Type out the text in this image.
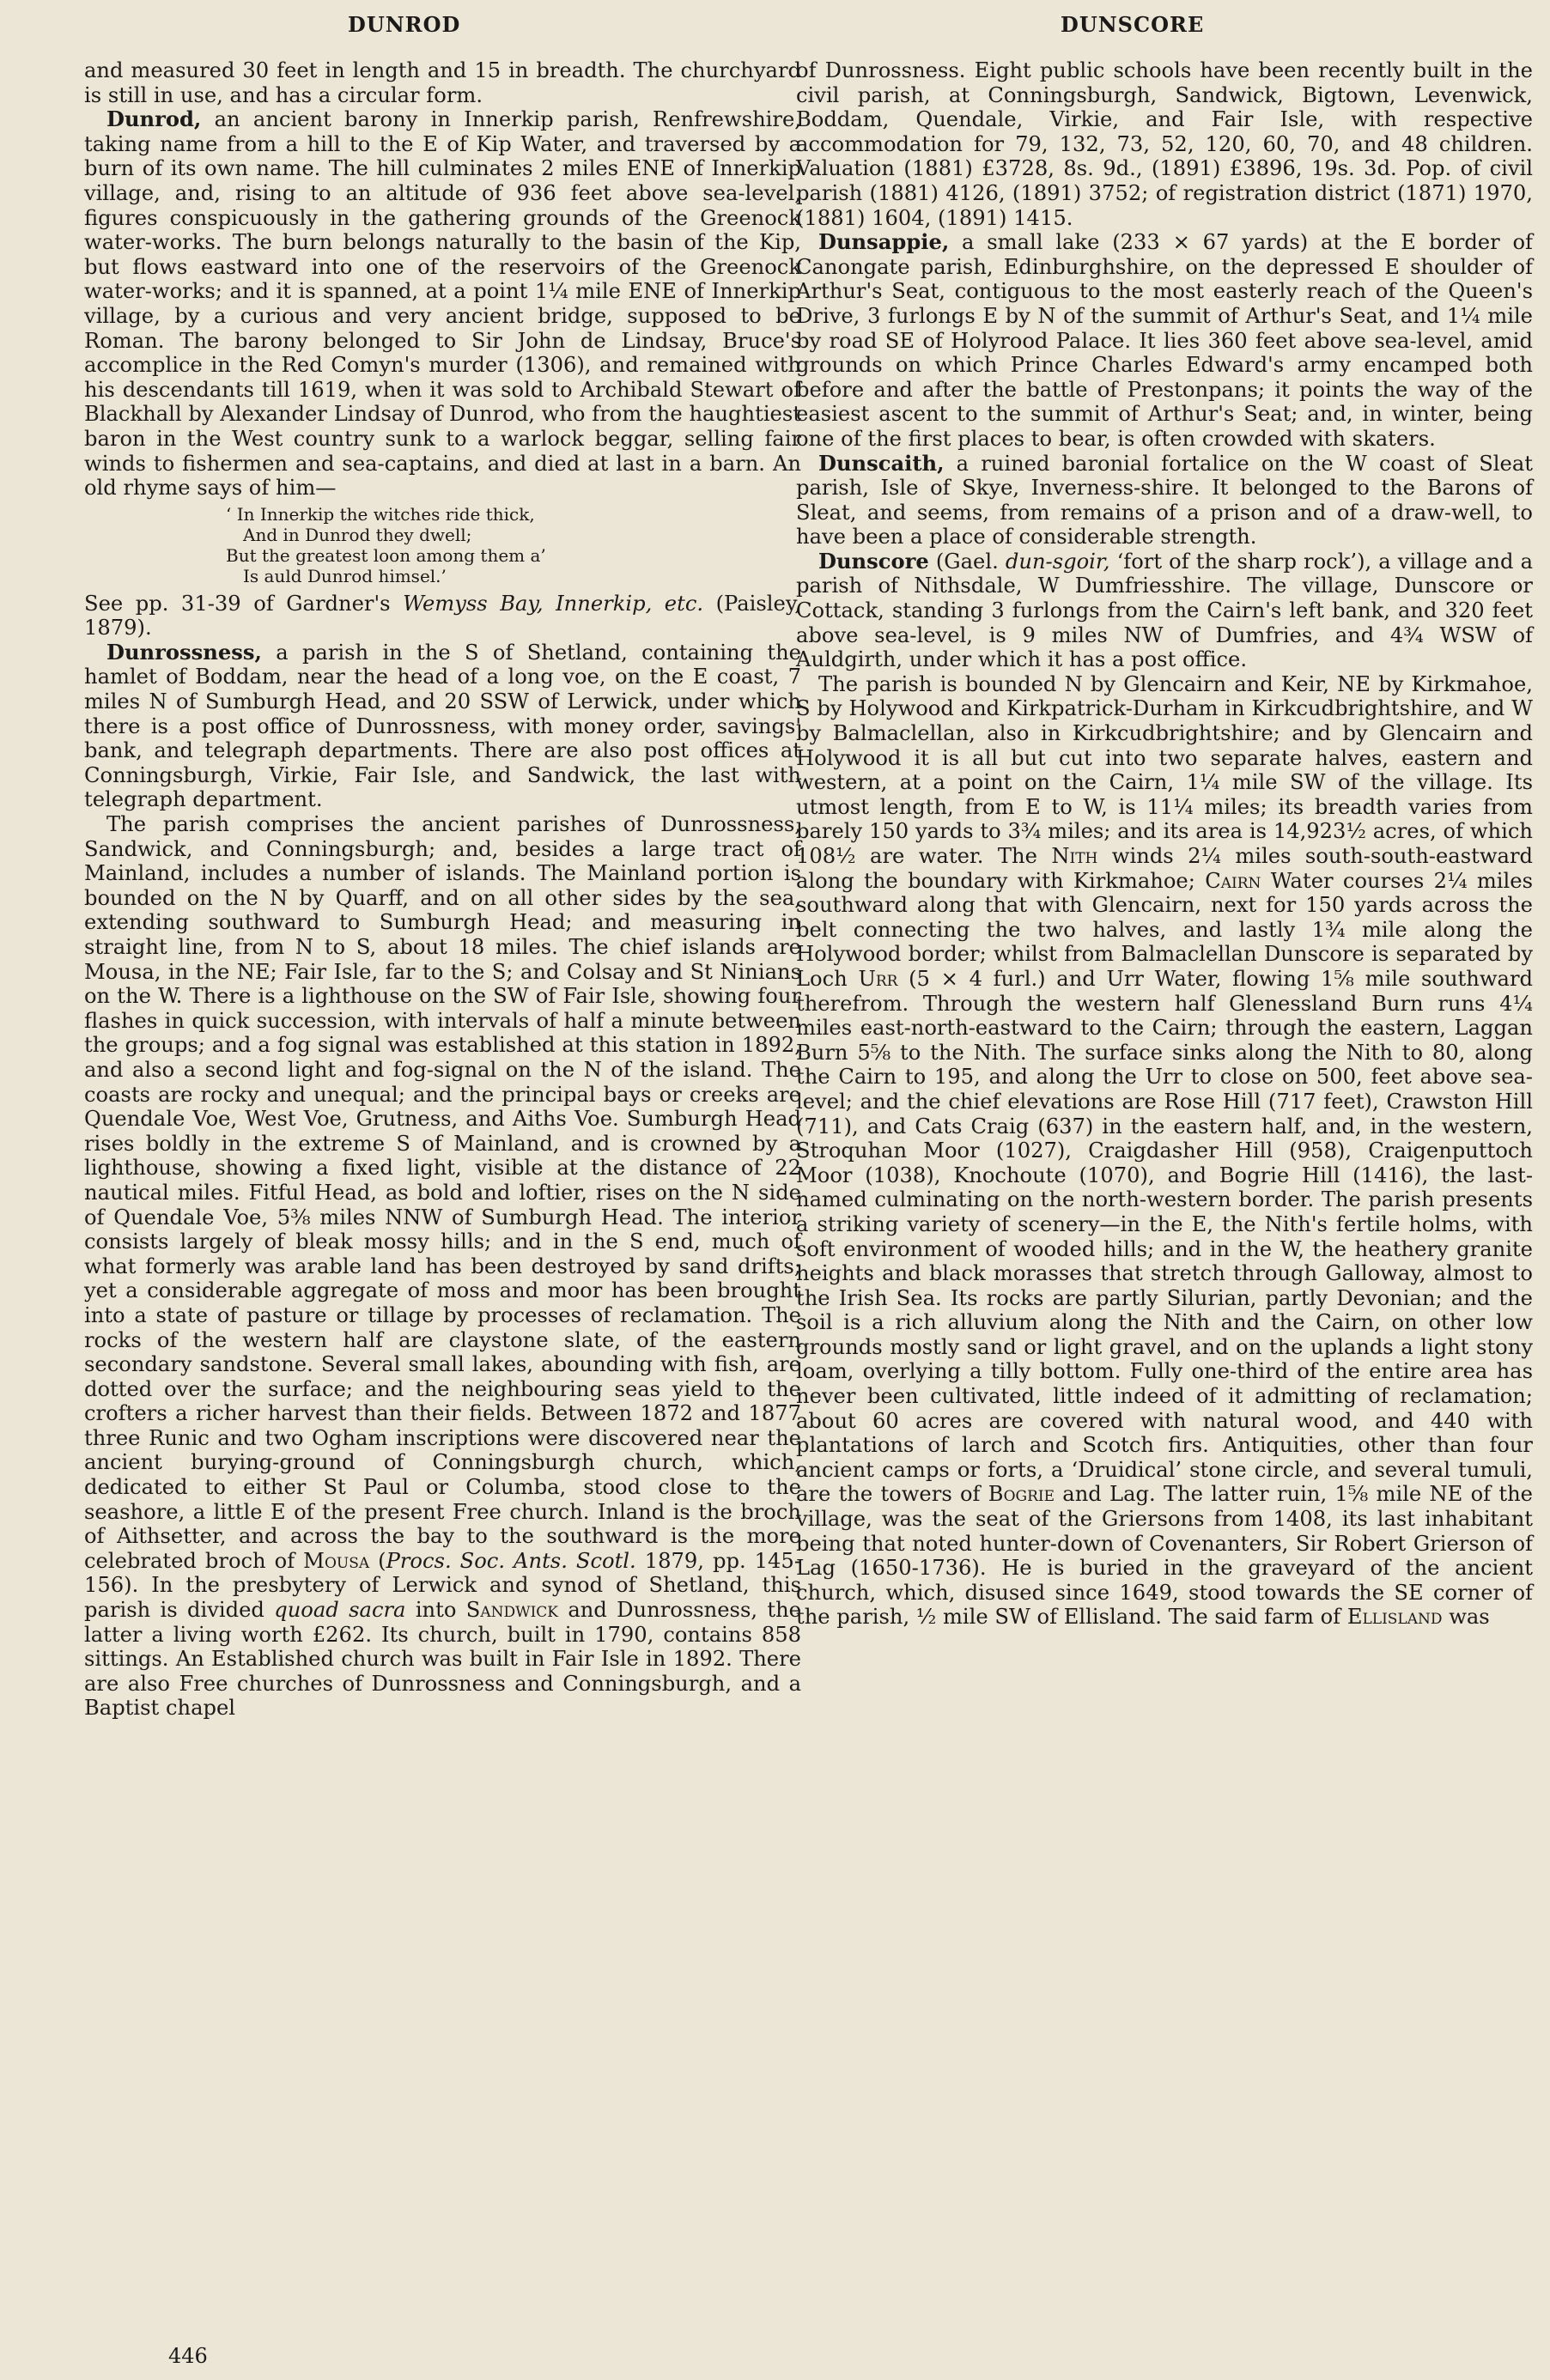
DUNROD	DUNSCORE

and measured 30 feet in length and 15 in breadth. The churchyard is still in use, and has a circular form.

Dunrod, an ancient barony in Innerkip parish, Renfrewshire, taking name from a hill to the E of Kip Water, and traversed by a burn of its own name. The hill culminates 2 miles ENE of Innerkip village, and, rising to an altitude of 936 feet above sea-level, figures conspicuously in the gathering grounds of the Greenock water-works. The burn belongs naturally to the basin of the Kip, but flows eastward into one of the reservoirs of the Greenock water-works; and it is spanned, at a point 1¼ mile ENE of Innerkip village, by a curious and very ancient bridge, supposed to be Roman. The barony belonged to Sir John de Lindsay, Bruce's accomplice in the Red Comyn's murder (1306), and remained with his descendants till 1619, when it was sold to Archibald Stewart of Blackhall by Alexander Lindsay of Dunrod, who from the haughtiest baron in the West country sunk to a warlock beggar, selling fair winds to fishermen and sea-captains, and died at last in a barn. An old rhyme says of him—

‘ In Innerkip the witches ride thick,
And in Dunrod they dwell;
But the greatest loon among them a’
Is auld Dunrod himsel.’

See pp. 31-39 of Gardner's Wemyss Bay, Innerkip, etc. (Paisley, 1879).

Dunrossness, a parish in the S of Shetland, containing the hamlet of Boddam, near the head of a long voe, on the E coast, 7 miles N of Sumburgh Head, and 20 SSW of Lerwick, under which there is a post office of Dunrossness, with money order, savings' bank, and telegraph departments. There are also post offices at Conningsburgh, Virkie, Fair Isle, and Sandwick, the last with telegraph department.

The parish comprises the ancient parishes of Dunrossness, Sandwick, and Conningsburgh; and, besides a large tract of Mainland, includes a number of islands. The Mainland portion is bounded on the N by Quarff, and on all other sides by the sea, extending southward to Sumburgh Head; and measuring in straight line, from N to S, about 18 miles. The chief islands are Mousa, in the NE; Fair Isle, far to the S; and Colsay and St Ninians on the W. There is a lighthouse on the SW of Fair Isle, showing four flashes in quick succession, with intervals of half a minute between the groups; and a fog signal was established at this station in 1892, and also a second light and fog-signal on the N of the island. The coasts are rocky and unequal; and the principal bays or creeks are Quendale Voe, West Voe, Grutness, and Aiths Voe. Sumburgh Head rises boldly in the extreme S of Mainland, and is crowned by a lighthouse, showing a fixed light, visible at the distance of 22 nautical miles. Fitful Head, as bold and loftier, rises on the N side of Quendale Voe, 5⅜ miles NNW of Sumburgh Head. The interior consists largely of bleak mossy hills; and in the S end, much of what formerly was arable land has been destroyed by sand drifts; yet a considerable aggregate of moss and moor has been brought into a state of pasture or tillage by processes of reclamation. The rocks of the western half are claystone slate, of the eastern secondary sandstone. Several small lakes, abounding with fish, are dotted over the surface; and the neighbouring seas yield to the crofters a richer harvest than their fields. Between 1872 and 1877 three Runic and two Ogham inscriptions were discovered near the ancient burying-ground of Conningsburgh church, which, dedicated to either St Paul or Columba, stood close to the seashore, a little E of the present Free church. Inland is the broch of Aithsetter, and across the bay to the southward is the more celebrated broch of Mousa (Procs. Soc. Ants. Scotl. 1879, pp. 145-156). In the presbytery of Lerwick and synod of Shetland, this parish is divided quoad sacra into Sandwick and Dunrossness, the latter a living worth £262. Its church, built in 1790, contains 858 sittings. An Established church was built in Fair Isle in 1892. There are also Free churches of Dunrossness and Conningsburgh, and a Baptist chapel

of Dunrossness. Eight public schools have been recently built in the civil parish, at Conningsburgh, Sandwick, Bigtown, Levenwick, Boddam, Quendale, Virkie, and Fair Isle, with respective accommodation for 79, 132, 73, 52, 120, 60, 70, and 48 children. Valuation (1881) £3728, 8s. 9d., (1891) £3896, 19s. 3d. Pop. of civil parish (1881) 4126, (1891) 3752; of registration district (1871) 1970, (1881) 1604, (1891) 1415.

Dunsappie, a small lake (233 × 67 yards) at the E border of Canongate parish, Edinburghshire, on the depressed E shoulder of Arthur's Seat, contiguous to the most easterly reach of the Queen's Drive, 3 furlongs E by N of the summit of Arthur's Seat, and 1¼ mile by road SE of Holyrood Palace. It lies 360 feet above sea-level, amid grounds on which Prince Charles Edward's army encamped both before and after the battle of Prestonpans; it points the way of the easiest ascent to the summit of Arthur's Seat; and, in winter, being one of the first places to bear, is often crowded with skaters.

Dunscaith, a ruined baronial fortalice on the W coast of Sleat parish, Isle of Skye, Inverness-shire. It belonged to the Barons of Sleat, and seems, from remains of a prison and of a draw-well, to have been a place of considerable strength.

Dunscore (Gael. dun-sgoir, ‘fort of the sharp rock’), a village and a parish of Nithsdale, W Dumfriesshire. The village, Dunscore or Cottack, standing 3 furlongs from the Cairn's left bank, and 320 feet above sea-level, is 9 miles NW of Dumfries, and 4¾ WSW of Auldgirth, under which it has a post office.

The parish is bounded N by Glencairn and Keir, NE by Kirkmahoe, S by Holywood and Kirkpatrick-Durham in Kirkcudbrightshire, and W by Balmaclellan, also in Kirkcudbrightshire; and by Glencairn and Holywood it is all but cut into two separate halves, eastern and western, at a point on the Cairn, 1¼ mile SW of the village. Its utmost length, from E to W, is 11¼ miles; its breadth varies from barely 150 yards to 3¾ miles; and its area is 14,923½ acres, of which 108½ are water. The Nith winds 2¼ miles south-south-eastward along the boundary with Kirkmahoe; Cairn Water courses 2¼ miles southward along that with Glencairn, next for 150 yards across the belt connecting the two halves, and lastly 1¾ mile along the Holywood border; whilst from Balmaclellan Dunscore is separated by Loch Urr (5 × 4 furl.) and Urr Water, flowing 1⅝ mile southward therefrom. Through the western half Glenessland Burn runs 4¼ miles east-north-eastward to the Cairn; through the eastern, Laggan Burn 5⅝ to the Nith. The surface sinks along the Nith to 80, along the Cairn to 195, and along the Urr to close on 500, feet above sea-level; and the chief elevations are Rose Hill (717 feet), Crawston Hill (711), and Cats Craig (637) in the eastern half, and, in the western, Stroquhan Moor (1027), Craigdasher Hill (958), Craigenputtoch Moor (1038), Knochoute (1070), and Bogrie Hill (1416), the last-named culminating on the north-western border. The parish presents a striking variety of scenery—in the E, the Nith's fertile holms, with soft environment of wooded hills; and in the W, the heathery granite heights and black morasses that stretch through Galloway, almost to the Irish Sea. Its rocks are partly Silurian, partly Devonian; and the soil is a rich alluvium along the Nith and the Cairn, on other low grounds mostly sand or light gravel, and on the uplands a light stony loam, overlying a tilly bottom. Fully one-third of the entire area has never been cultivated, little indeed of it admitting of reclamation; about 60 acres are covered with natural wood, and 440 with plantations of larch and Scotch firs. Antiquities, other than four ancient camps or forts, a ‘Druidical’ stone circle, and several tumuli, are the towers of Bogrie and Lag. The latter ruin, 1⅝ mile NE of the village, was the seat of the Griersons from 1408, its last inhabitant being that noted hunter-down of Covenanters, Sir Robert Grierson of Lag (1650-1736). He is buried in the graveyard of the ancient church, which, disused since 1649, stood towards the SE corner of the parish, ½ mile SW of Ellisland. The said farm of Ellisland was

446
